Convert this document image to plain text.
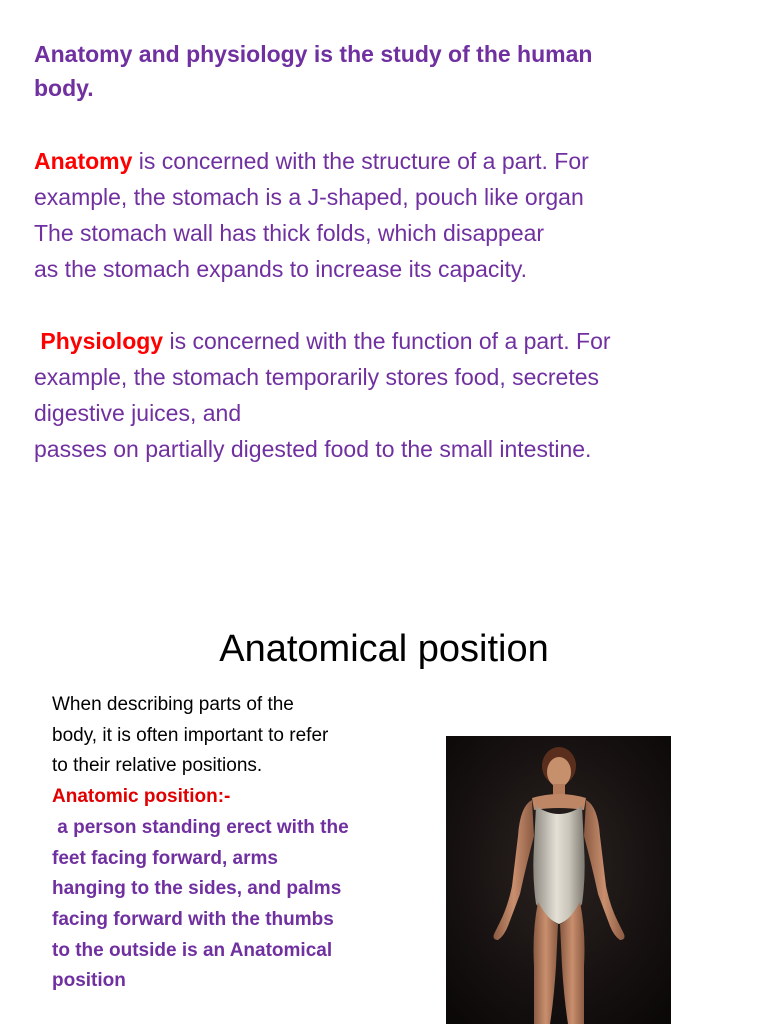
Anatomy and physiology is the study of the human
body.

Anatomy is concerned with the structure of a part. For
example, the stomach is a J-shaped, pouch like organ
The stomach wall has thick folds, which disappear
as the stomach expands to increase its capacity.

Physiology is concerned with the function of a part. For
example, the stomach temporarily stores food, secretes
digestive juices, and
passes on partially digested food to the small intestine.

Anatomical position

When describing parts of the
body, it is often important to refer
to their relative positions.
Anatomic position:-
a person standing erect with the
feet facing forward, arms
hanging to the sides, and palms
facing forward with the thumbs
to the outside is an Anatomical
position
